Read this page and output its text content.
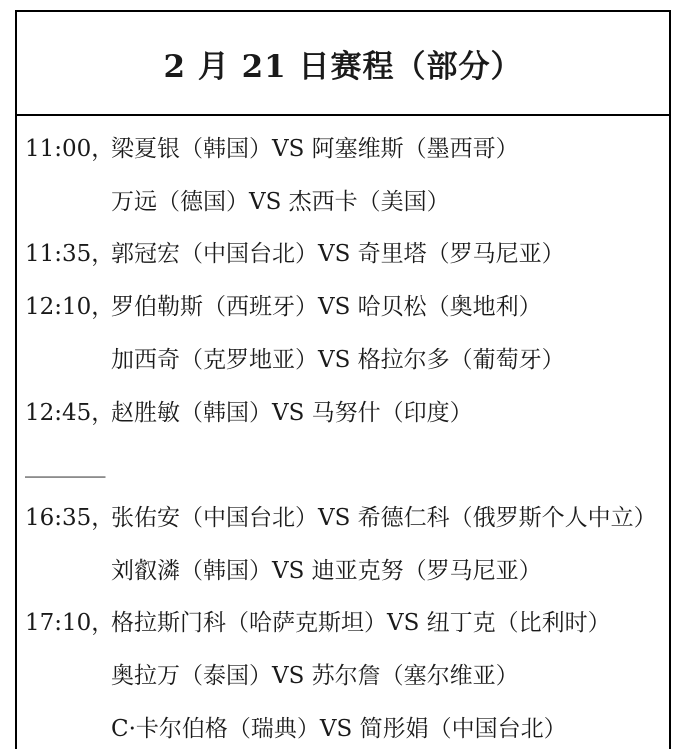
2 月 21 日赛程（部分）
11:00，梁夏银（韩国）VS 阿塞维斯（墨西哥）
万远（德国）VS 杰西卡（美国）
11:35，郭冠宏（中国台北）VS 奇里塔（罗马尼亚）
12:10，罗伯勒斯（西班牙）VS 哈贝松（奥地利）
加西奇（克罗地亚）VS 格拉尔多（葡萄牙）
12:45，赵胜敏（韩国）VS 马努什（印度）
_______
16:35，张佑安（中国台北）VS 希德仁科（俄罗斯个人中立）
刘叡潾（韩国）VS 迪亚克努（罗马尼亚）
17:10，格拉斯门科（哈萨克斯坦）VS 纽丁克（比利时）
奥拉万（泰国）VS 苏尔詹（塞尔维亚）
C·卡尔伯格（瑞典）VS 简彤娟（中国台北）
